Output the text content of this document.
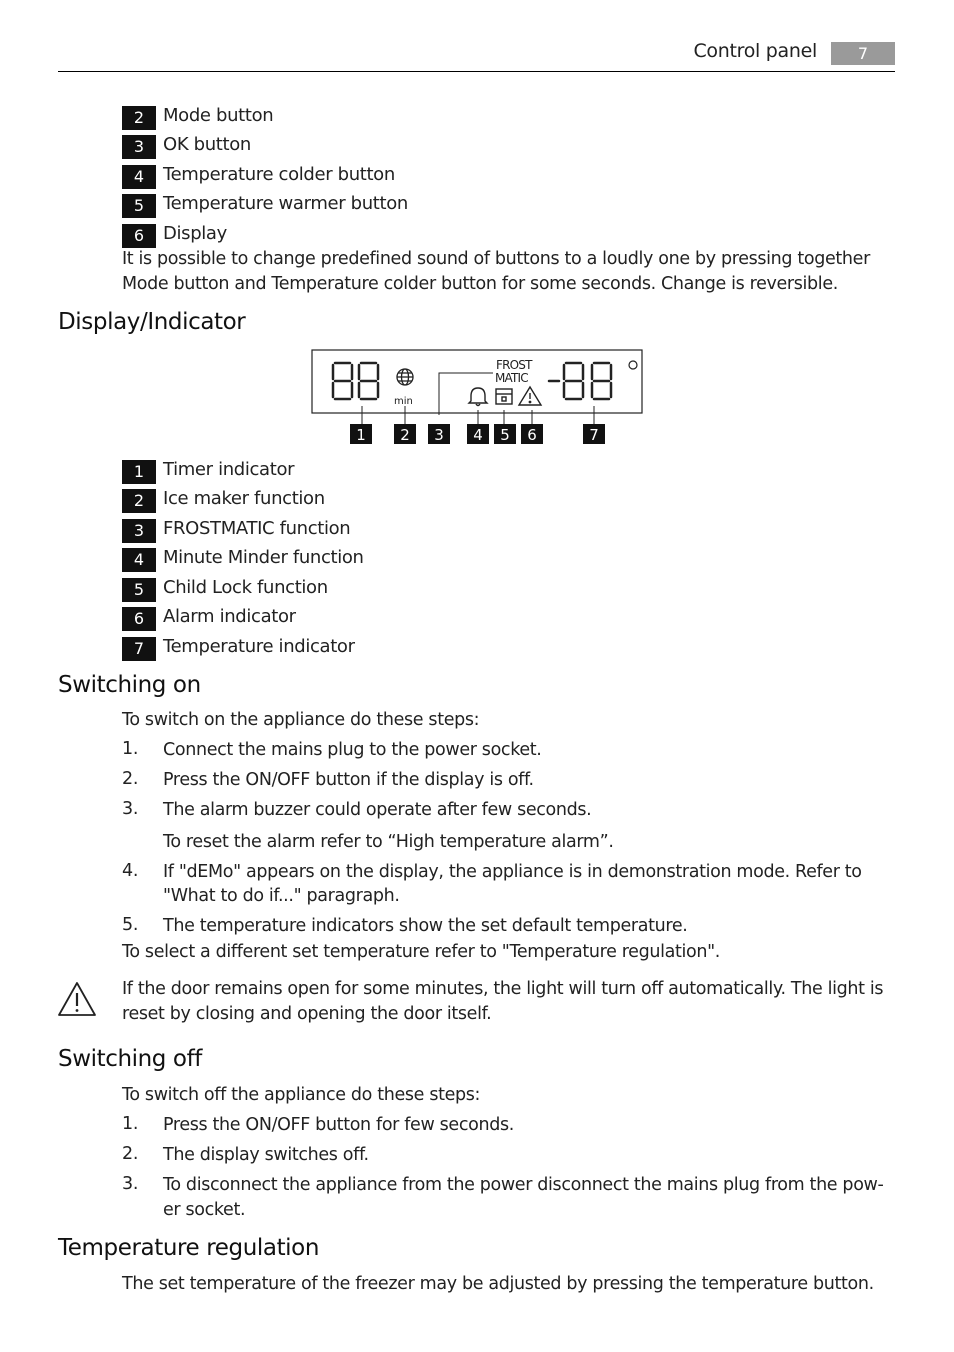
Control panel	7
2	Mode button
3	OK button
4	Temperature colder button
5	Temperature warmer button
6	Display
It is possible to change predefined sound of buttons to a loudly one by pressing together
Mode button and Temperature colder button for some seconds. Change is reversible.
Display/Indicator
min
FROST
MATIC
1 2 3 4 5 6	7
1	Timer indicator
2	Ice maker function
3	FROSTMATIC function
4	Minute Minder function
5	Child Lock function
6	Alarm indicator
7	Temperature indicator
Switching on
To switch on the appliance do these steps:
1. Connect the mains plug to the power socket.
2. Press the ON/OFF button if the display is off.
3. The alarm buzzer could operate after few seconds.
To reset the alarm refer to “High temperature alarm”.
4. If "dEMo" appears on the display, the appliance is in demonstration mode. Refer to
"What to do if..." paragraph.
5. The temperature indicators show the set default temperature.
To select a different set temperature refer to "Temperature regulation".
If the door remains open for some minutes, the light will turn off automatically. The light is
reset by closing and opening the door itself.
Switching off
To switch off the appliance do these steps:
1. Press the ON/OFF button for few seconds.
2. The display switches off.
3. To disconnect the appliance from the power disconnect the mains plug from the pow-
er socket.
Temperature regulation
The set temperature of the freezer may be adjusted by pressing the temperature button.
